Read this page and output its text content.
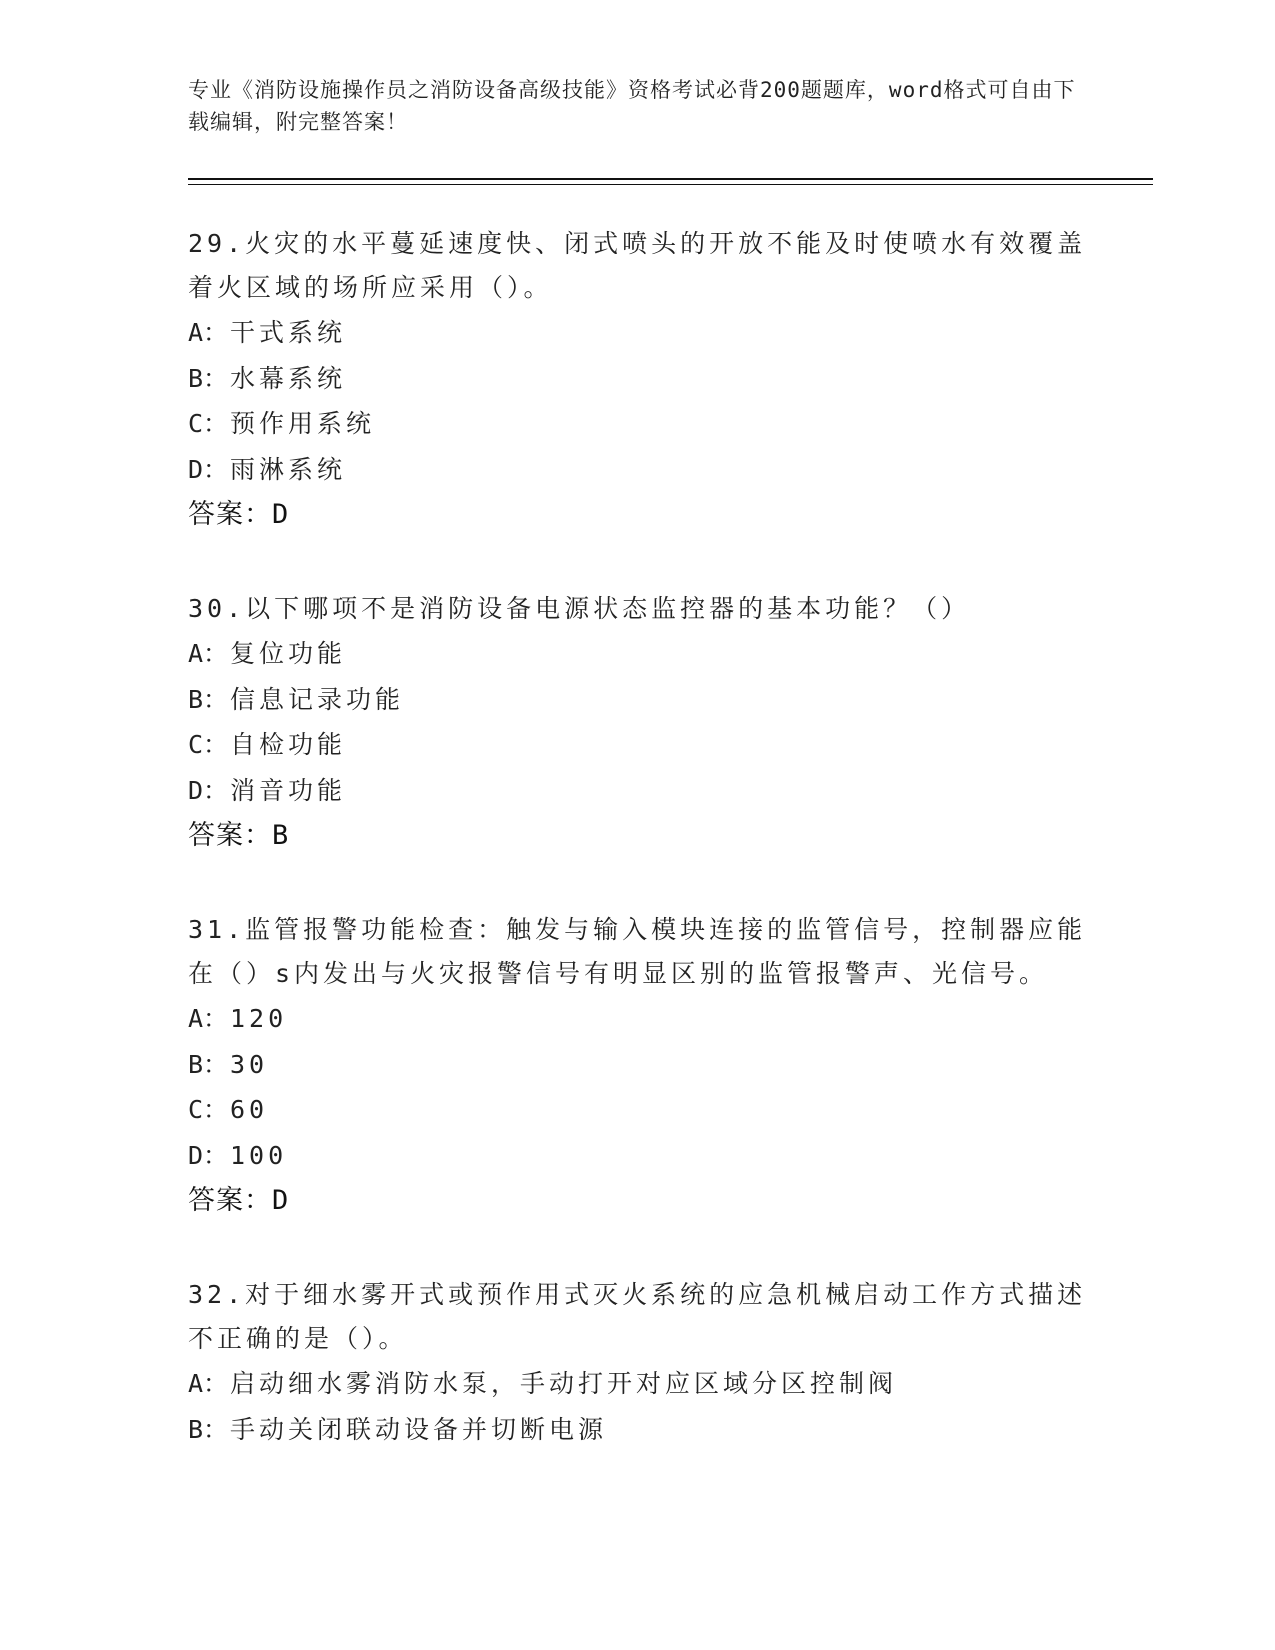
专业《消防设施操作员之消防设备高级技能》资格考试必背200题题库，word格式可自由下载编辑，附完整答案！
29.火灾的水平蔓延速度快、闭式喷头的开放不能及时使喷水有效覆盖着火区域的场所应采用（）。
A： 干式系统
B： 水幕系统
C： 预作用系统
D： 雨淋系统
答案：D
30.以下哪项不是消防设备电源状态监控器的基本功能？（）
A： 复位功能
B： 信息记录功能
C： 自检功能
D： 消音功能
答案：B
31.监管报警功能检查：触发与输入模块连接的监管信号，控制器应能在（）s内发出与火灾报警信号有明显区别的监管报警声、光信号。
A： 120
B： 30
C： 60
D： 100
答案：D
32.对于细水雾开式或预作用式灭火系统的应急机械启动工作方式描述不正确的是（）。
A： 启动细水雾消防水泵，手动打开对应区域分区控制阀
B： 手动关闭联动设备并切断电源
